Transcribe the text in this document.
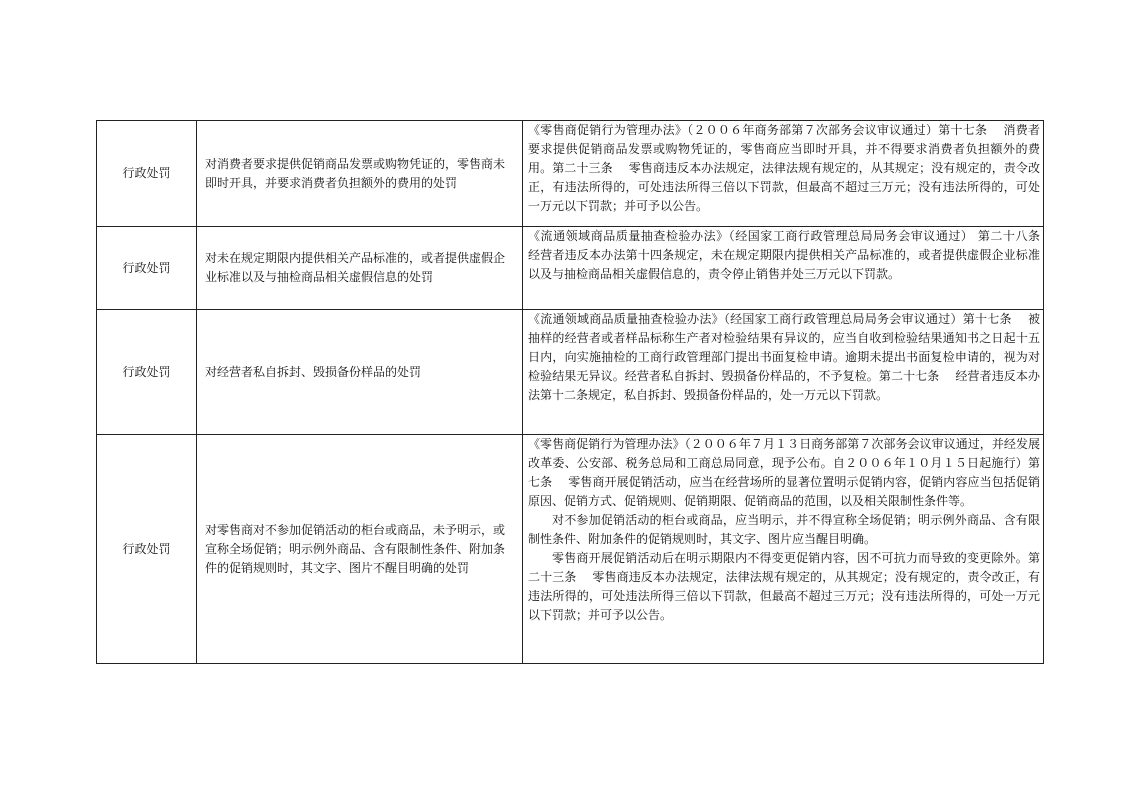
行政处罚	对消费者要求提供促销商品发票或购物凭证的，零售商未即时开具，并要求消费者负担额外的费用的处罚	《零售商促销行为管理办法》（２００６年商务部第７次部务会议审议通过）第十七条　 消费者要求提供促销商品发票或购物凭证的，零售商应当即时开具，并不得要求消费者负担额外的费用。第二十三条　 零售商违反本办法规定，法律法规有规定的，从其规定；没有规定的，责令改正，有违法所得的，可处违法所得三倍以下罚款，但最高不超过三万元；没有违法所得的，可处一万元以下罚款；并可予以公告。

行政处罚	对未在规定期限内提供相关产品标准的，或者提供虚假企业标准以及与抽检商品相关虚假信息的处罚	《流通领域商品质量抽查检验办法》（经国家工商行政管理总局局务会审议通过） 第二十八条　 经营者违反本办法第十四条规定，未在规定期限内提供相关产品标准的，或者提供虚假企业标准以及与抽检商品相关虚假信息的，责令停止销售并处三万元以下罚款。

行政处罚	对经营者私自拆封、毁损备份样品的处罚	《流通领域商品质量抽查检验办法》（经国家工商行政管理总局局务会审议通过）第十七条　 被抽样的经营者或者样品标称生产者对检验结果有异议的，应当自收到检验结果通知书之日起十五日内，向实施抽检的工商行政管理部门提出书面复检申请。逾期未提出书面复检申请的，视为对检验结果无异议。经营者私自拆封、毁损备份样品的，不予复检。第二十七条　 经营者违反本办法第十二条规定，私自拆封、毁损备份样品的，处一万元以下罚款。

行政处罚	对零售商对不参加促销活动的柜台或商品，未予明示，或宣称全场促销；明示例外商品、含有限制性条件、附加条件的促销规则时，其文字、图片不醒目明确的处罚	《零售商促销行为管理办法》（２００６年７月１３日商务部第７次部务会议审议通过，并经发展改革委、公安部、税务总局和工商总局同意，现予公布。自２００６年１０月１５日起施行）第七条　 零售商开展促销活动，应当在经营场所的显著位置明示促销内容，促销内容应当包括促销原因、促销方式、促销规则、促销期限、促销商品的范围，以及相关限制性条件等。

对不参加促销活动的柜台或商品，应当明示，并不得宣称全场促销；明示例外商品、含有限制性条件、附加条件的促销规则时，其文字、图片应当醒目明确。

零售商开展促销活动后在明示期限内不得变更促销内容，因不可抗力而导致的变更除外。第二十三条　 零售商违反本办法规定，法律法规有规定的，从其规定；没有规定的，责令改正，有违法所得的，可处违法所得三倍以下罚款，但最高不超过三万元；没有违法所得的，可处一万元以下罚款；并可予以公告。
